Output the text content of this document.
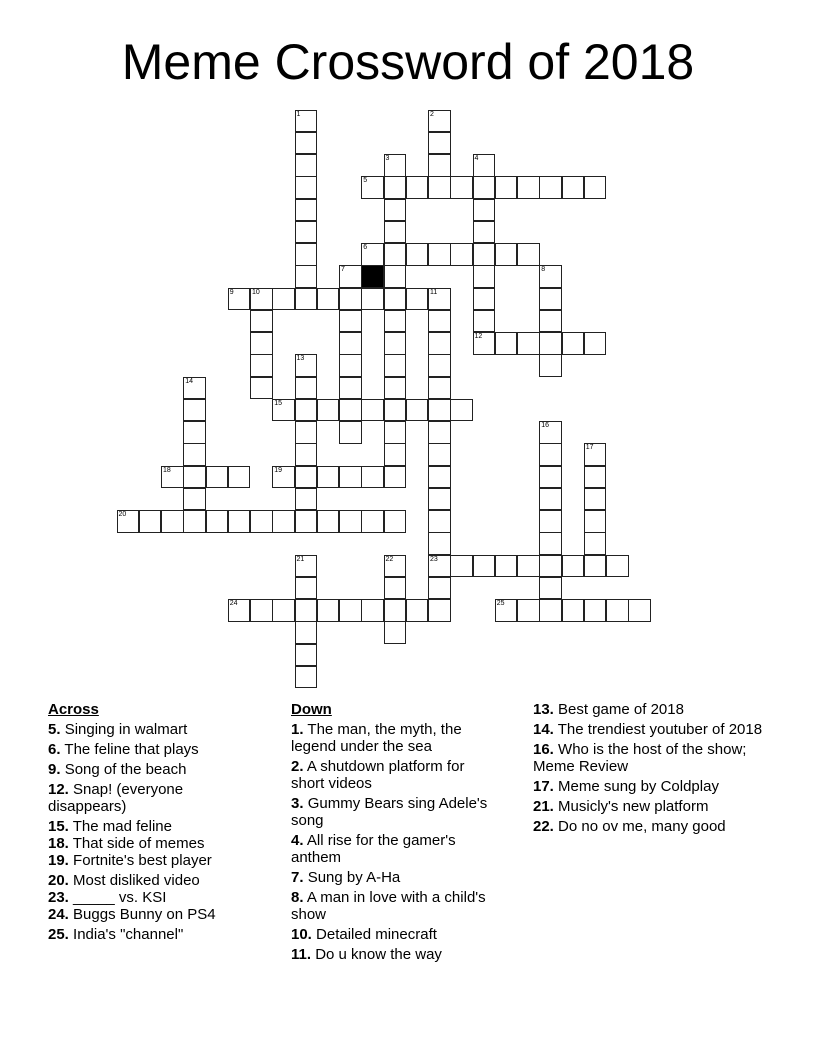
Meme Crossword of 2018
5
6
9	10
12
15
18	19
20
23
24	25
1	2
3	4
7	8
11
13
14
16
17
21	22
Across
5. Singing in walmart
6. The feline that plays
9. Song of the beach
12. Snap! (everyone disappears)
15. The mad feline
18. That side of memes
19. Fortnite's best player
20. Most disliked video
23. _____ vs. KSI
24. Buggs Bunny on PS4
25. India's "channel"
Down
1. The man, the myth, the legend under the sea
2. A shutdown platform for short videos
3. Gummy Bears sing Adele's song
4. All rise for the gamer's anthem
7. Sung by A-Ha
8. A man in love with a child's show
10. Detailed minecraft
11. Do u know the way
13. Best game of 2018
14. The trendiest youtuber of 2018
16. Who is the host of the show; Meme Review
17. Meme sung by Coldplay
21. Musicly's new platform
22. Do no ov me, many good
